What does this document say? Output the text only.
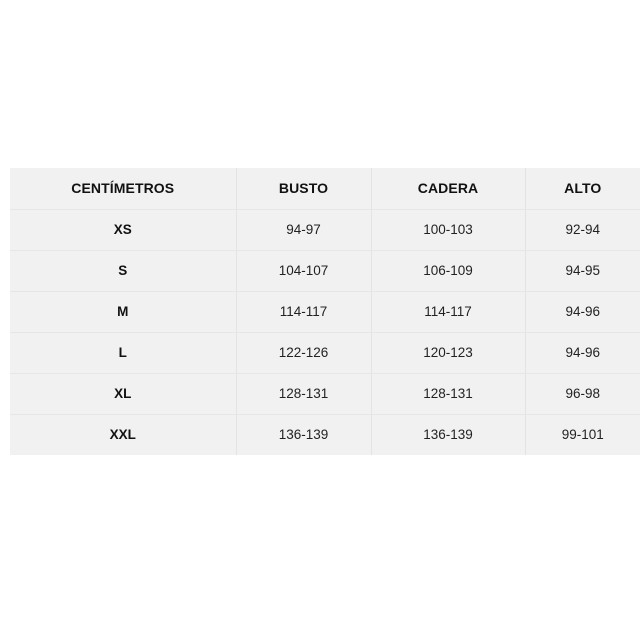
CENTÍMETROS	BUSTO	CADERA	ALTO
XS	94-97	100-103	92-94
S	104-107	106-109	94-95
M	114-117	114-117	94-96
L	122-126	120-123	94-96
XL	128-131	128-131	96-98
XXL	136-139	136-139	99-101
